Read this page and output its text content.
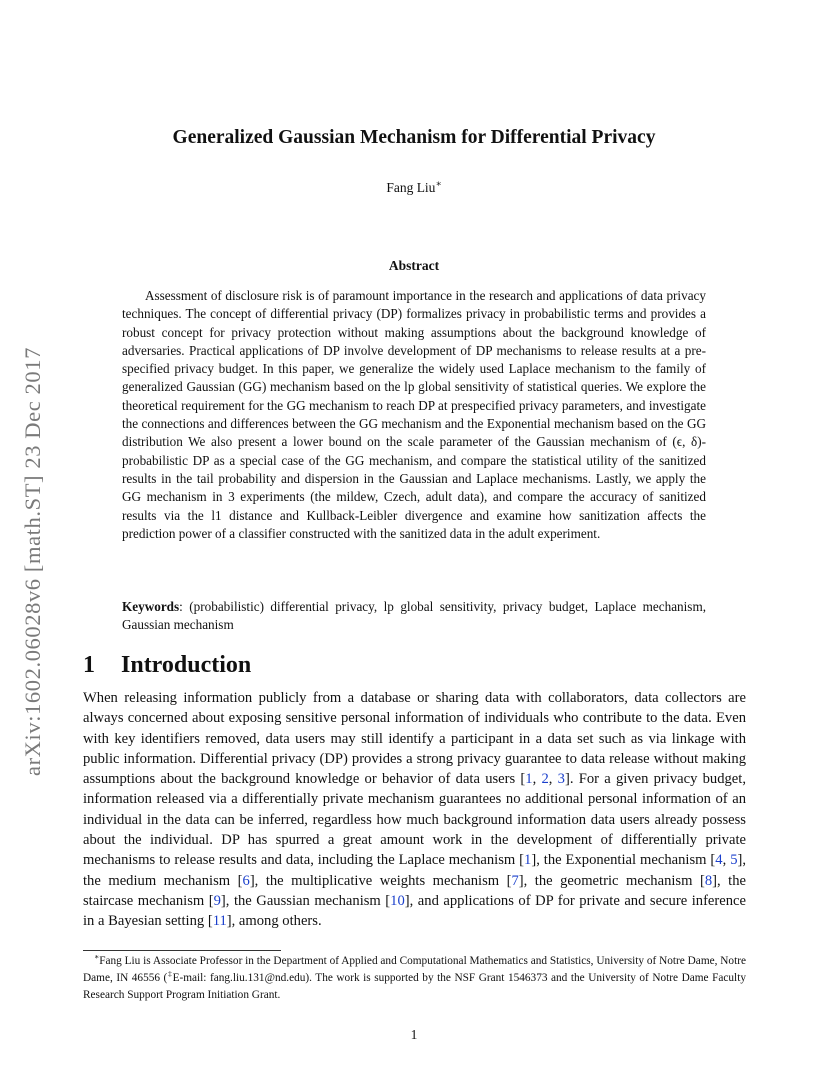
arXiv:1602.06028v6 [math.ST] 23 Dec 2017
Generalized Gaussian Mechanism for Differential Privacy
Fang Liu∗
Abstract

Assessment of disclosure risk is of paramount importance in the research and applications of data privacy techniques. The concept of differential privacy (DP) formalizes privacy in probabilistic terms and provides a robust concept for privacy protection without making assumptions about the background knowledge of adversaries. Practical applications of DP involve development of DP mechanisms to release results at a pre-specified privacy budget. In this paper, we generalize the widely used Laplace mechanism to the family of generalized Gaussian (GG) mechanism based on the lp global sensitivity of statistical queries. We explore the theoretical requirement for the GG mechanism to reach DP at prespecified privacy parameters, and investigate the connections and differences between the GG mechanism and the Exponential mechanism based on the GG distribution We also present a lower bound on the scale parameter of the Gaussian mechanism of (ϵ, δ)-probabilistic DP as a special case of the GG mechanism, and compare the statistical utility of the sanitized results in the tail probability and dispersion in the Gaussian and Laplace mechanisms. Lastly, we apply the GG mechanism in 3 experiments (the mildew, Czech, adult data), and compare the accuracy of sanitized results via the l1 distance and Kullback-Leibler divergence and examine how sanitization affects the prediction power of a classifier constructed with the sanitized data in the adult experiment.

Keywords: (probabilistic) differential privacy, lp global sensitivity, privacy budget, Laplace mechanism, Gaussian mechanism

1 Introduction

When releasing information publicly from a database or sharing data with collaborators, data collectors are always concerned about exposing sensitive personal information of individuals who contribute to the data. Even with key identifiers removed, data users may still identify a participant in a data set such as via linkage with public information. Differential privacy (DP) provides a strong privacy guarantee to data release without making assumptions about the background knowledge or behavior of data users [1, 2, 3]. For a given privacy budget, information released via a differentially private mechanism guarantees no additional personal information of an individual in the data can be inferred, regardless how much background information data users already possess about the individual. DP has spurred a great amount work in the development of differentially private mechanisms to release results and data, including the Laplace mechanism [1], the Exponential mechanism [4, 5], the medium mechanism [6], the multiplicative weights mechanism [7], the geometric mechanism [8], the staircase mechanism [9], the Gaussian mechanism [10], and applications of DP for private and secure inference in a Bayesian setting [11], among others.

∗Fang Liu is Associate Professor in the Department of Applied and Computational Mathematics and Statistics, University of Notre Dame, Notre Dame, IN 46556 (‡E-mail: fang.liu.131@nd.edu). The work is supported by the NSF Grant 1546373 and the University of Notre Dame Faculty Research Support Program Initiation Grant.

1
